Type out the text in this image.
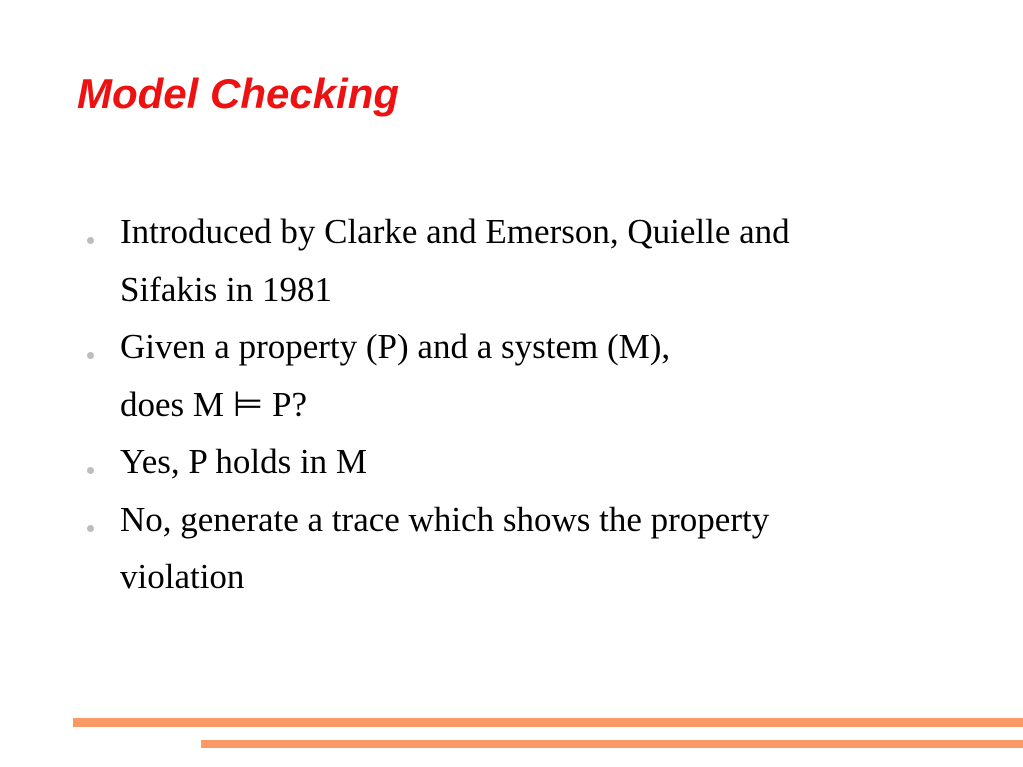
Model Checking
Introduced by Clarke and Emerson, Quielle and
Sifakis in 1981
Given a property (P) and a system (M),
does M ⊨ P?
Yes, P holds in M
No, generate a trace which shows the property
violation
